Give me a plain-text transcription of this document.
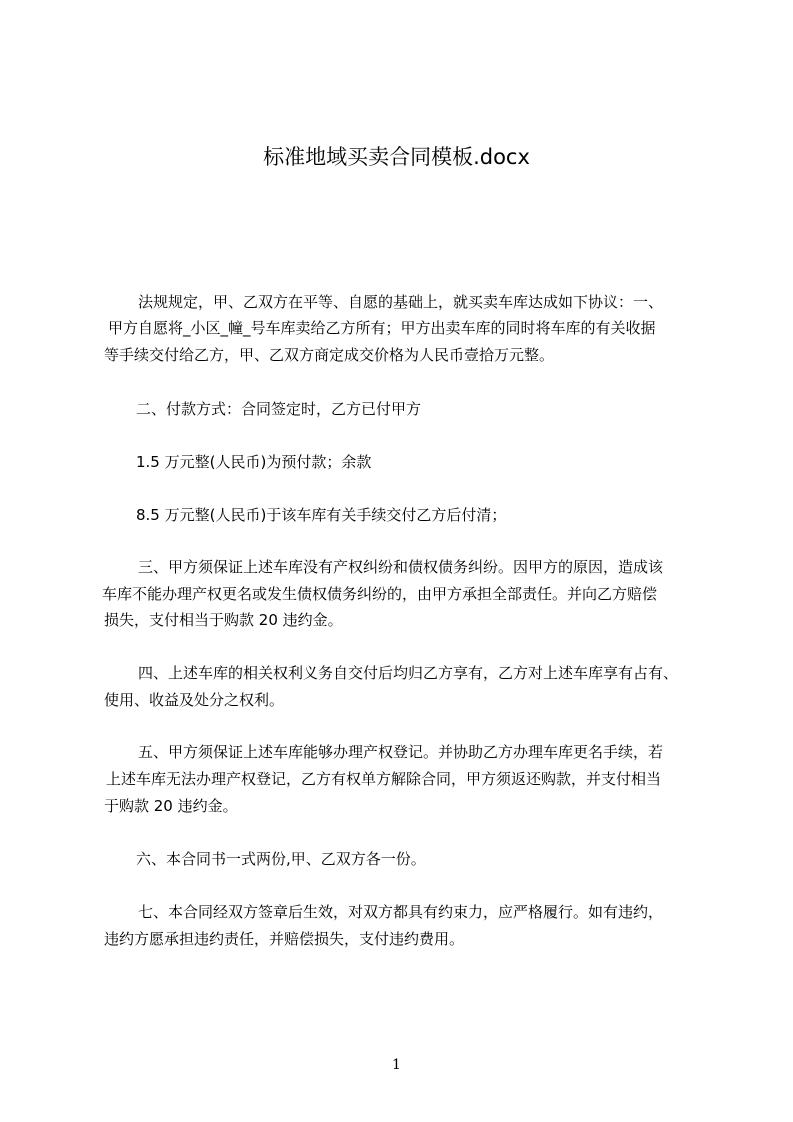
标准地域买卖合同模板.docx
法规规定，甲、乙双方在平等、自愿的基础上，就买卖车库达成如下协议：一、
甲方自愿将_小区_幢_号车库卖给乙方所有；甲方出卖车库的同时将车库的有关收据
等手续交付给乙方，甲、乙双方商定成交价格为人民币壹拾万元整。
二、付款方式：合同签定时，乙方已付甲方
1.5 万元整(人民币)为预付款；余款
8.5 万元整(人民币)于该车库有关手续交付乙方后付清；
三、甲方须保证上述车库没有产权纠纷和债权债务纠纷。因甲方的原因，造成该
车库不能办理产权更名或发生债权债务纠纷的，由甲方承担全部责任。并向乙方赔偿
损失，支付相当于购款 20 违约金。
四、上述车库的相关权利义务自交付后均归乙方享有，乙方对上述车库享有占有、
使用、收益及处分之权利。
五、甲方须保证上述车库能够办理产权登记。并协助乙方办理车库更名手续，若
上述车库无法办理产权登记，乙方有权单方解除合同，甲方须返还购款，并支付相当
于购款 20 违约金。
六、本合同书一式两份,甲、乙双方各一份。
七、本合同经双方签章后生效，对双方都具有约束力，应严格履行。如有违约，
违约方愿承担违约责任，并赔偿损失，支付违约费用。
1
